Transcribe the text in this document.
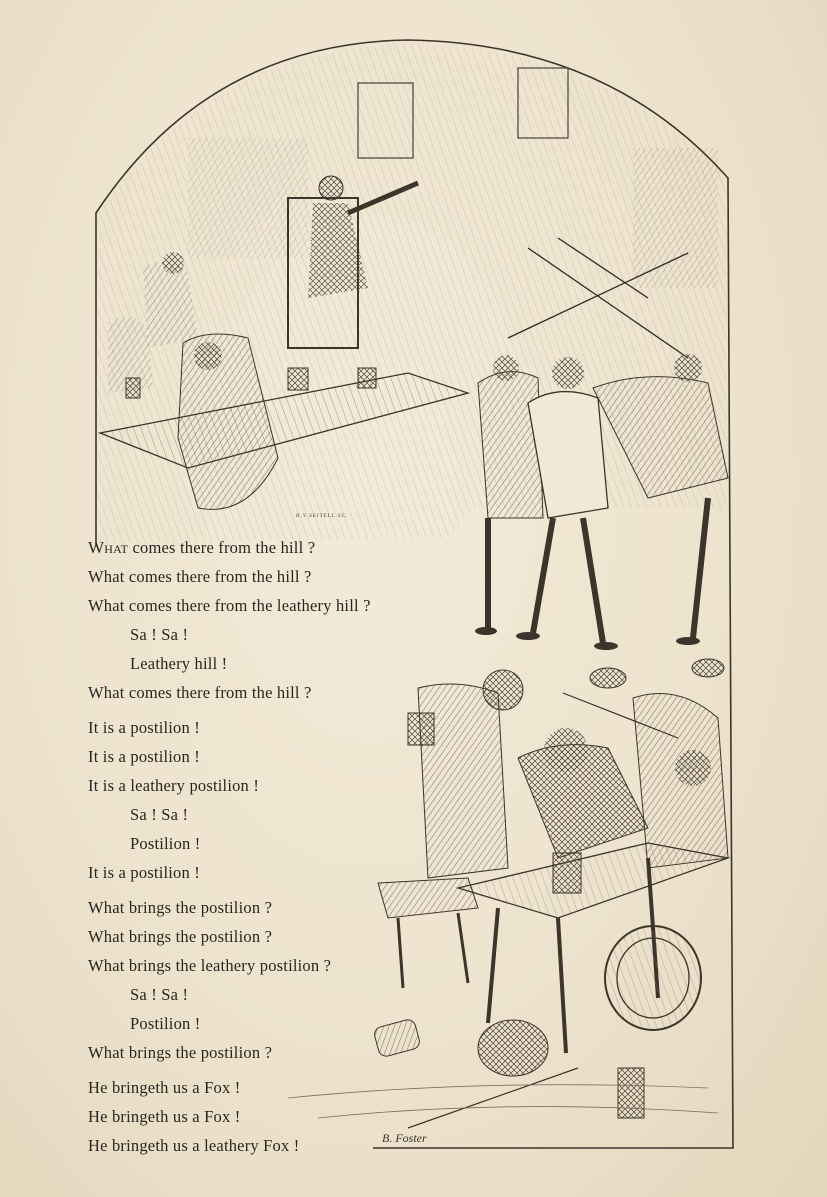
H.V.SEITELL SC.
B. Foster
What comes there from the hill ?
What comes there from the hill ?
What comes there from the leathery hill ?
Sa ! Sa !
Leathery hill !
What comes there from the hill ?
It is a postilion !
It is a postilion !
It is a leathery postilion !
Sa ! Sa !
Postilion !
It is a postilion !
What brings the postilion ?
What brings the postilion ?
What brings the leathery postilion ?
Sa ! Sa !
Postilion !
What brings the postilion ?
He bringeth us a Fox !
He bringeth us a Fox !
He bringeth us a leathery Fox !
